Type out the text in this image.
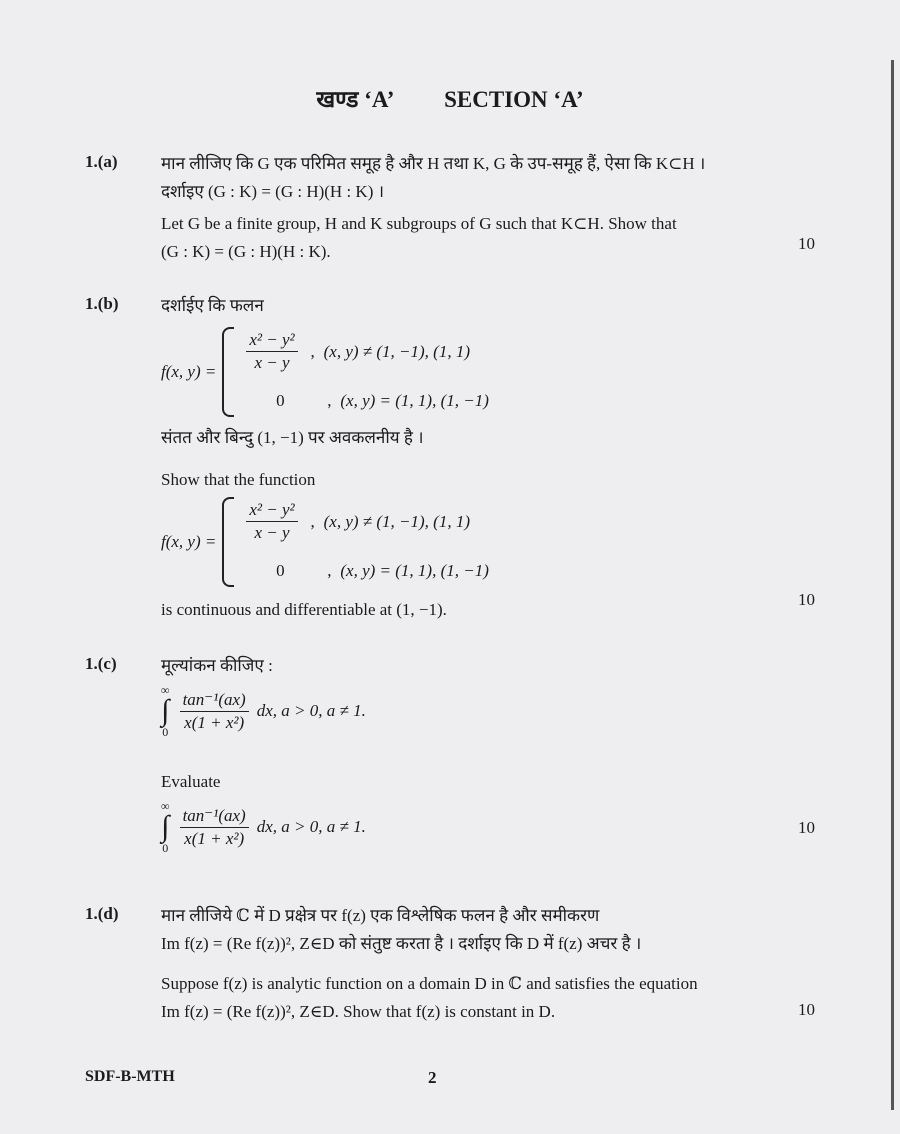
खण्ड ‘A’ SECTION ‘A’
1.(a)	मान लीजिए कि G एक परिमित समूह है और H तथा K, G के उप-समूह हैं, ऐसा कि K⊂H ।

दर्शाइए (G : K) = (G : H)(H : K) ।

Let G be a finite group, H and K subgroups of G such that K⊂H. Show that

(G : K) = (G : H)(H : K).	10
1.(b) दर्शाईए कि फलन

f(x, $y) = \frac{\text{x² − y²}}{x - y}$ , (x, y) ≠ (1, −1), (1, 1)
0	, (x, y) = (1, 1), (1, −1)

संतत और बिन्दु (1, −1) पर अवकलनीय है ।

Show that the function

f(x, $y) = \frac{\text{x² − y²}}{x - y}$ , (x, y) ≠ (1, −1), (1, 1)
0	, (x, y) = (1, 1), (1, −1)

is continuous and differentiable at (1, −1).

10
1.(c)	मूल्यांकन कीजिए :

∞
∫
$0 \frac{\text{tan⁻¹(ax)}}{\text{x(1 + x²)}}$ dx, a > 0, a ≠ 1.

Evaluate

∞
∫
$0 \frac{\text{tan⁻¹(ax)}}{\text{x(1 + x²)}}$ dx, a > 0, a ≠ 1.	10
1.(d) मान लीजिये ℂ में D प्रक्षेत्र पर f(z) एक विश्लेषिक फलन है और समीकरण

Im f(z) = (Re f(z))², Z∈D को संतुष्ट करता है । दर्शाइए कि D में f(z) अचर है ।

Suppose f(z) is analytic function on a domain D in ℂ and satisfies the equation

Im f(z) = (Re f(z))², Z∈D. Show that f(z) is constant in D.	10
SDF-B-MTH	2
